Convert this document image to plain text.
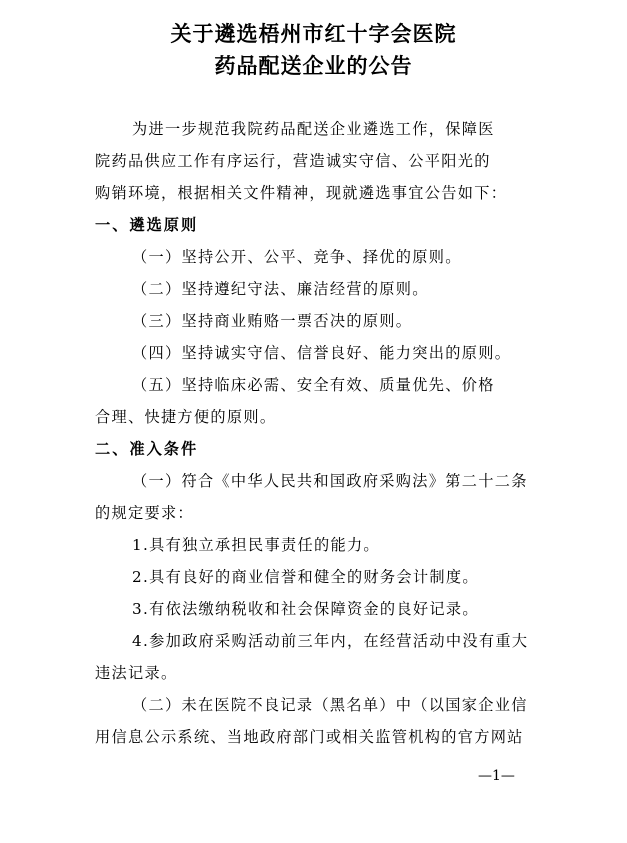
关于遴选梧州市红十字会医院
药品配送企业的公告
为进一步规范我院药品配送企业遴选工作，保障医
院药品供应工作有序运行，营造诚实守信、公平阳光的
购销环境，根据相关文件精神，现就遴选事宜公告如下：
一、遴选原则
（一）坚持公开、公平、竞争、择优的原则。
（二）坚持遵纪守法、廉洁经营的原则。
（三）坚持商业贿赂一票否决的原则。
（四）坚持诚实守信、信誉良好、能力突出的原则。
（五）坚持临床必需、安全有效、质量优先、价格
合理、快捷方便的原则。
二、准入条件
（一）符合《中华人民共和国政府采购法》第二十二条
的规定要求：
1.具有独立承担民事责任的能力。
2.具有良好的商业信誉和健全的财务会计制度。
3.有依法缴纳税收和社会保障资金的良好记录。
4.参加政府采购活动前三年内，在经营活动中没有重大
违法记录。
（二）未在医院不良记录（黑名单）中（以国家企业信
用信息公示系统、当地政府部门或相关监管机构的官方网站
—1—
